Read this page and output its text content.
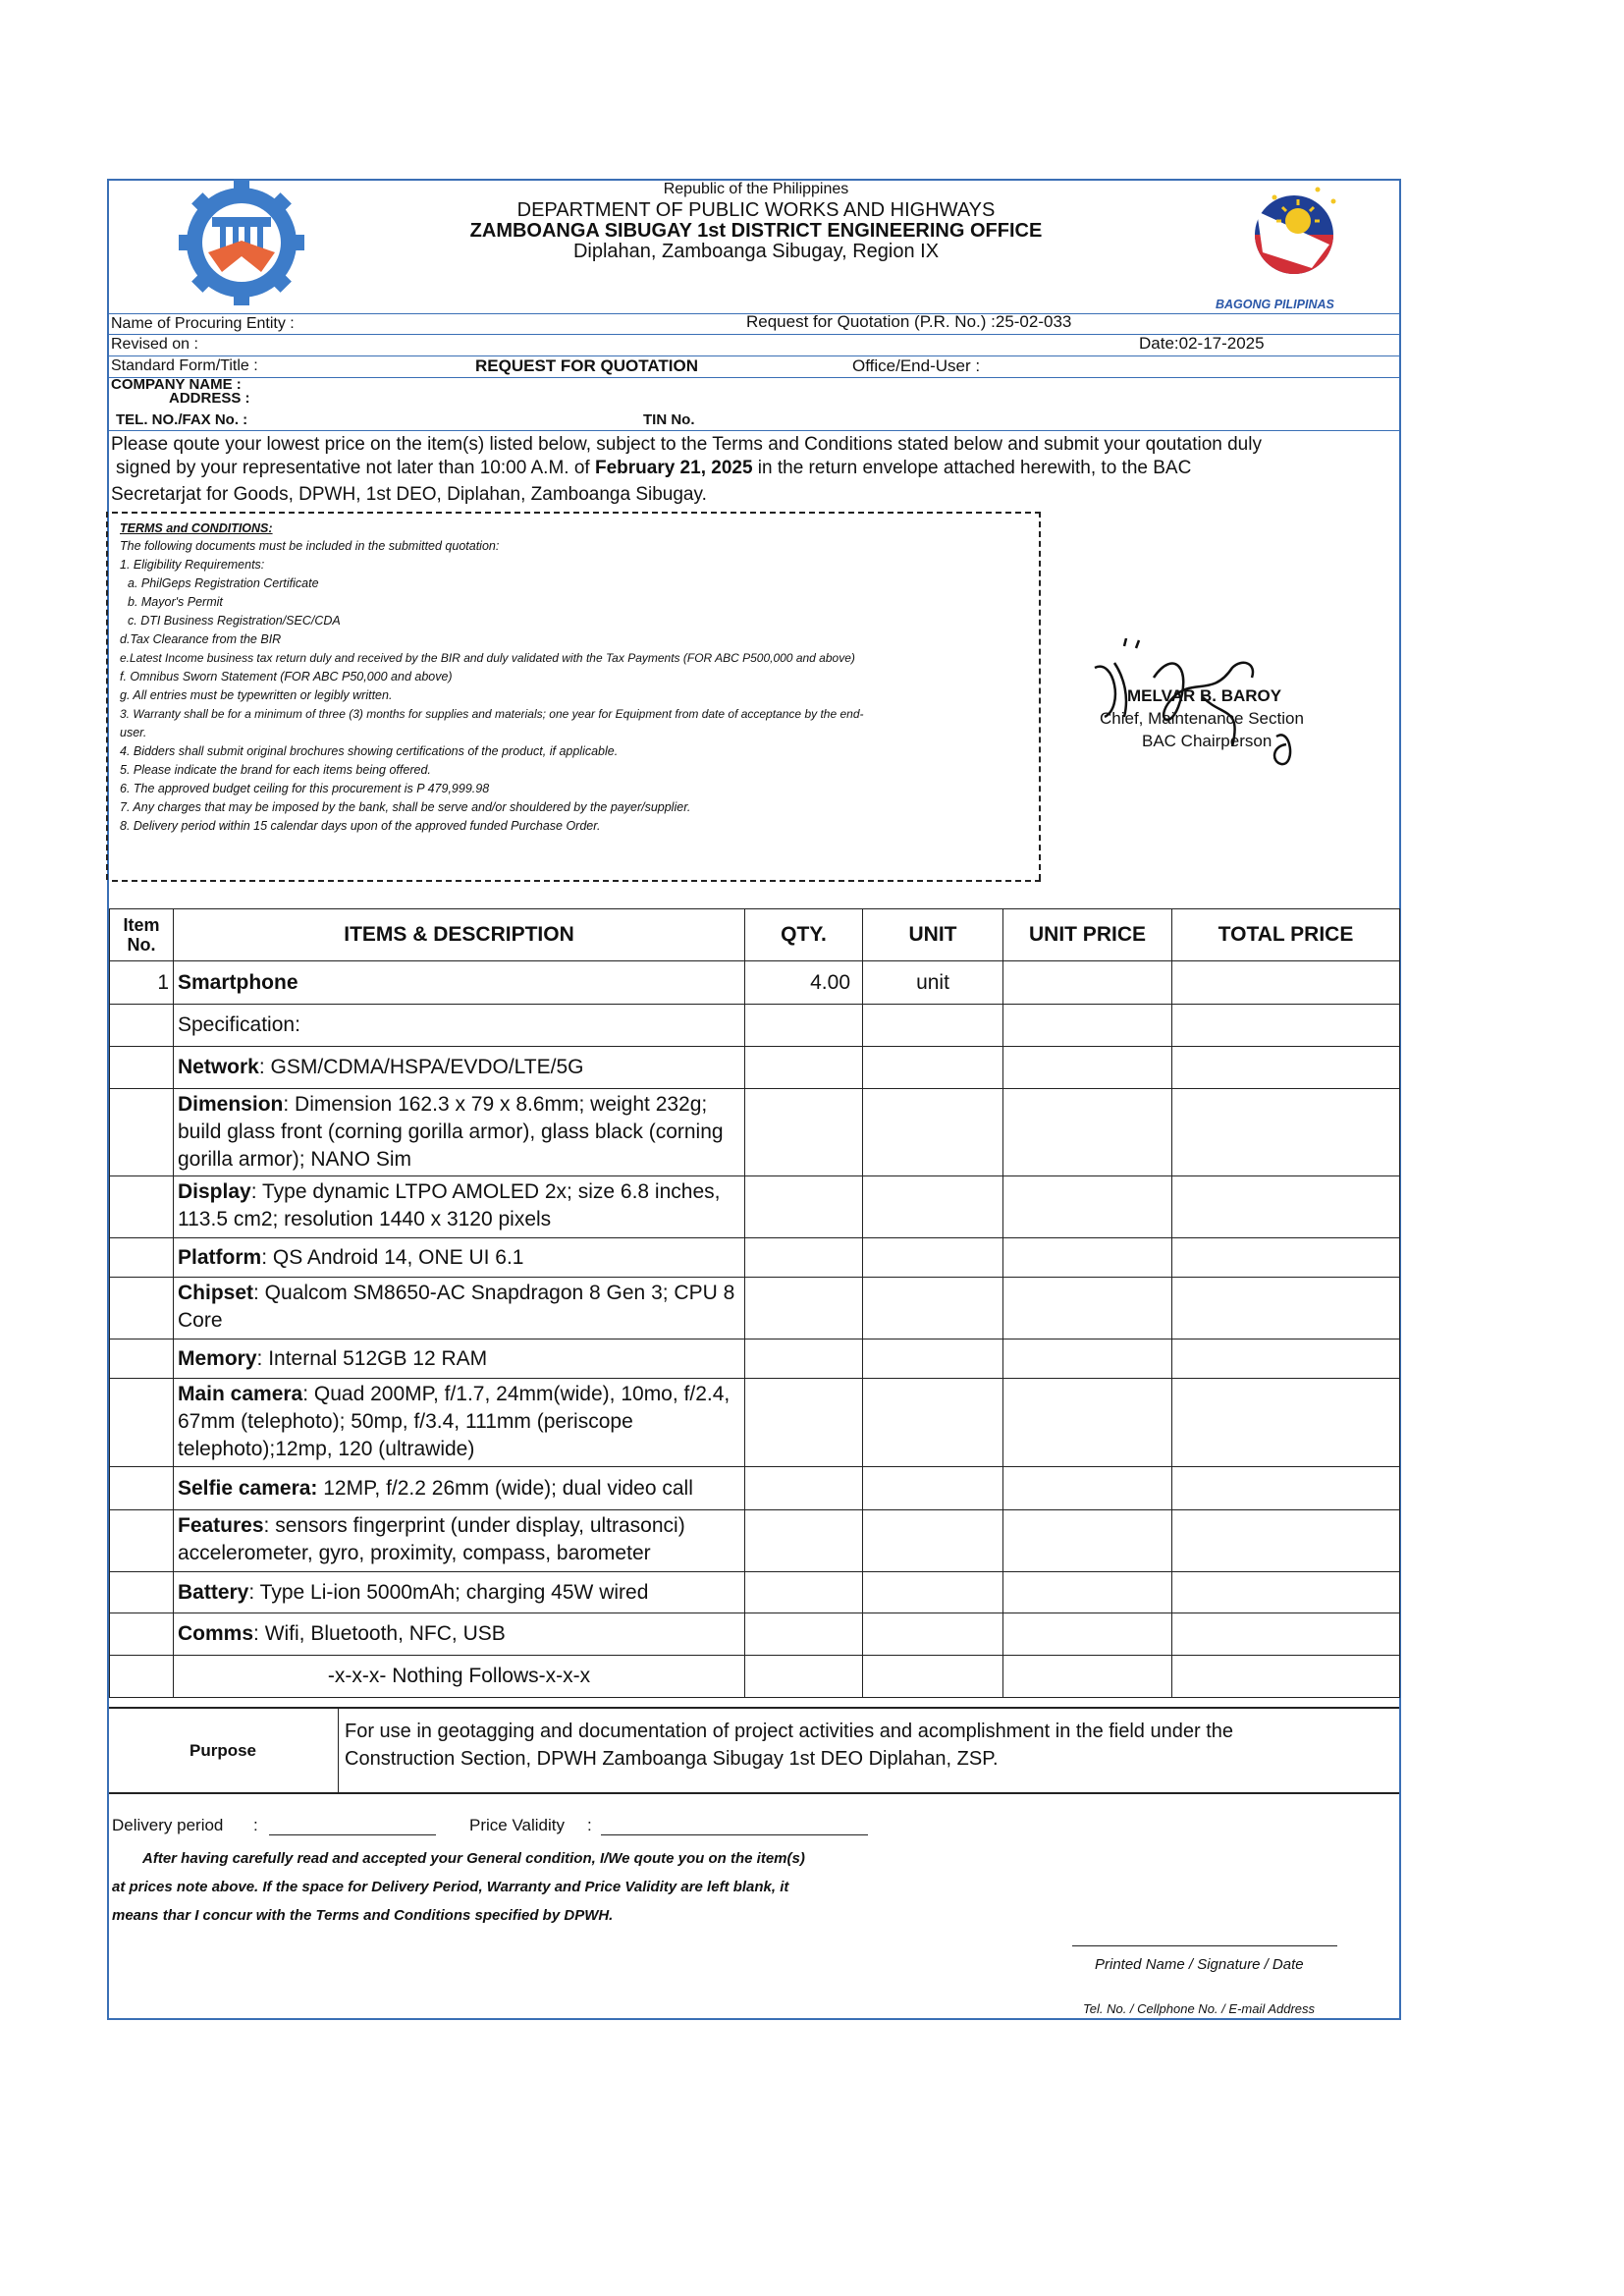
BAGONG PILIPINAS
Republic of the Philippines
DEPARTMENT OF PUBLIC WORKS AND HIGHWAYS
ZAMBOANGA SIBUGAY 1st DISTRICT ENGINEERING OFFICE
Diplahan, Zamboanga Sibugay, Region IX
Name of Procuring Entity :	Request for Quotation (P.R. No.) :25-02-033
Revised on :	Date:02-17-2025
Standard Form/Title :	REQUEST FOR QUOTATION	Office/End-User :
COMPANY NAME :
ADDRESS :
TEL. NO./FAX No. :	TIN No.
Please qoute your lowest price on the item(s) listed below, subject to the Terms and Conditions stated below and submit your qoutation duly
signed by your representative not later than 10:00 A.M. of February 21, 2025 in the return envelope attached herewith, to the BAC
Secretarjat for Goods, DPWH, 1st DEO, Diplahan, Zamboanga Sibugay.
TERMS and CONDITIONS:
The following documents must be included in the submitted quotation:
1. Eligibility Requirements:
a. PhilGeps Registration Certificate
b. Mayor's Permit
c. DTI Business Registration/SEC/CDA
d.Tax Clearance from the BIR
e.Latest Income business tax return duly and received by the BIR and duly validated with the Tax Payments (FOR ABC P500,000 and above)
f. Omnibus Sworn Statement (FOR ABC P50,000 and above)
g. All entries must be typewritten or legibly written.
3. Warranty shall be for a minimum of three (3) months for supplies and materials; one year for Equipment from date of acceptance by the end-
user.
4. Bidders shall submit original brochures showing certifications of the product, if applicable.
5. Please indicate the brand for each items being offered.
6. The approved budget ceiling for this procurement is P 479,999.98
7. Any charges that may be imposed by the bank, shall be serve and/or shouldered by the payer/supplier.
8. Delivery period within 15 calendar days upon of the approved funded Purchase Order.
MELVAR B. BAROY
Chief, Maintenance Section
BAC Chairperson
Item No.	ITEMS & DESCRIPTION	QTY.	UNIT	UNIT PRICE	TOTAL PRICE
1	Smartphone	4.00	unit		
	Specification:				
	Network: GSM/CDMA/HSPA/EVDO/LTE/5G				
	Dimension: Dimension 162.3 x 79 x 8.6mm; weight 232g; build glass front (corning gorilla armor), glass black (corning gorilla armor); NANO Sim				
	Display: Type dynamic LTPO AMOLED 2x; size 6.8 inches, 113.5 cm2; resolution 1440 x 3120 pixels				
	Platform: QS Android 14, ONE UI 6.1				
	Chipset: Qualcom SM8650-AC Snapdragon 8 Gen 3; CPU 8 Core				
	Memory: Internal 512GB 12 RAM				
	Main camera: Quad 200MP, f/1.7, 24mm(wide), 10mo, f/2.4, 67mm (telephoto); 50mp, f/3.4, 111mm (periscope telephoto);12mp, 120 (ultrawide)				
	Selfie camera: 12MP, f/2.2 26mm (wide); dual video call				
	Features: sensors fingerprint (under display, ultrasonci) accelerometer, gyro, proximity, compass, barometer				
	Battery: Type Li-ion 5000mAh; charging 45W wired				
	Comms: Wifi, Bluetooth, NFC, USB				
	-x-x-x- Nothing Follows-x-x-x				
Purpose
For use in geotagging and documentation of project activities and acomplishment in the field under the
Construction Section, DPWH Zamboanga Sibugay 1st DEO Diplahan, ZSP.
Delivery period :	Price Validity :
After having carefully read and accepted your General condition, I/We qoute you on the item(s)
at prices note above. If the space for Delivery Period, Warranty and Price Validity are left blank, it
means thar I concur with the Terms and Conditions specified by DPWH.
Printed Name / Signature / Date
Tel. No. / Cellphone No. / E-mail Address
